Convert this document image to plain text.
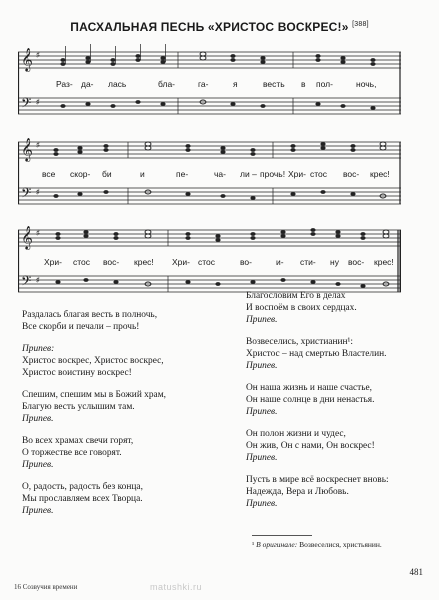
ПАСХАЛЬНАЯ ПЕСНЬ «ХРИСТОС ВОСКРЕС!» [388]
𝄞
𝄢
♯
♯
Раз- да- лась	бла-	га-	я	весть в пол-	ночь,
𝄞
𝄢
♯
♯
все скор- би	и	пе-	ча- ли – прочь! Хри- стос вос- крес!
𝄞
𝄢
♯
♯
Хри- стос вос- крес! Хри- стос	во-	и- сти- ну вос- крес!

Раздалась благая весть в полночь,
Все скорби и печали – прочь!

Припев:
Христос воскрес, Христос воскрес,
Христос воистину воскрес!

Спешим, спешим мы в Божий храм,
Благую весть услышим там.
Припев.

Во всех храмах свечи горят,
О торжестве все говорят.
Припев.

О, радость, радость без конца,
Мы прославляем всех Творца.
Припев.

Благословим Его в делах
И воспоём в своих сердцах.
Припев.

Возвеселись, христианин¹:
Христос – над смертью Властелин.
Припев.

Он наша жизнь и наше счастье,
Он наше солнце в дни ненастья.
Припев.

Он полон жизни и чудес,
Он жив, Он с нами, Он воскрес!
Припев.

Пусть в мире всё воскреснет вновь:
Надежда, Вера и Любовь.
Припев.

¹ В оригинале: Возвеселися, христьянин.
481
16 Созвучия времени	matushki.ru
